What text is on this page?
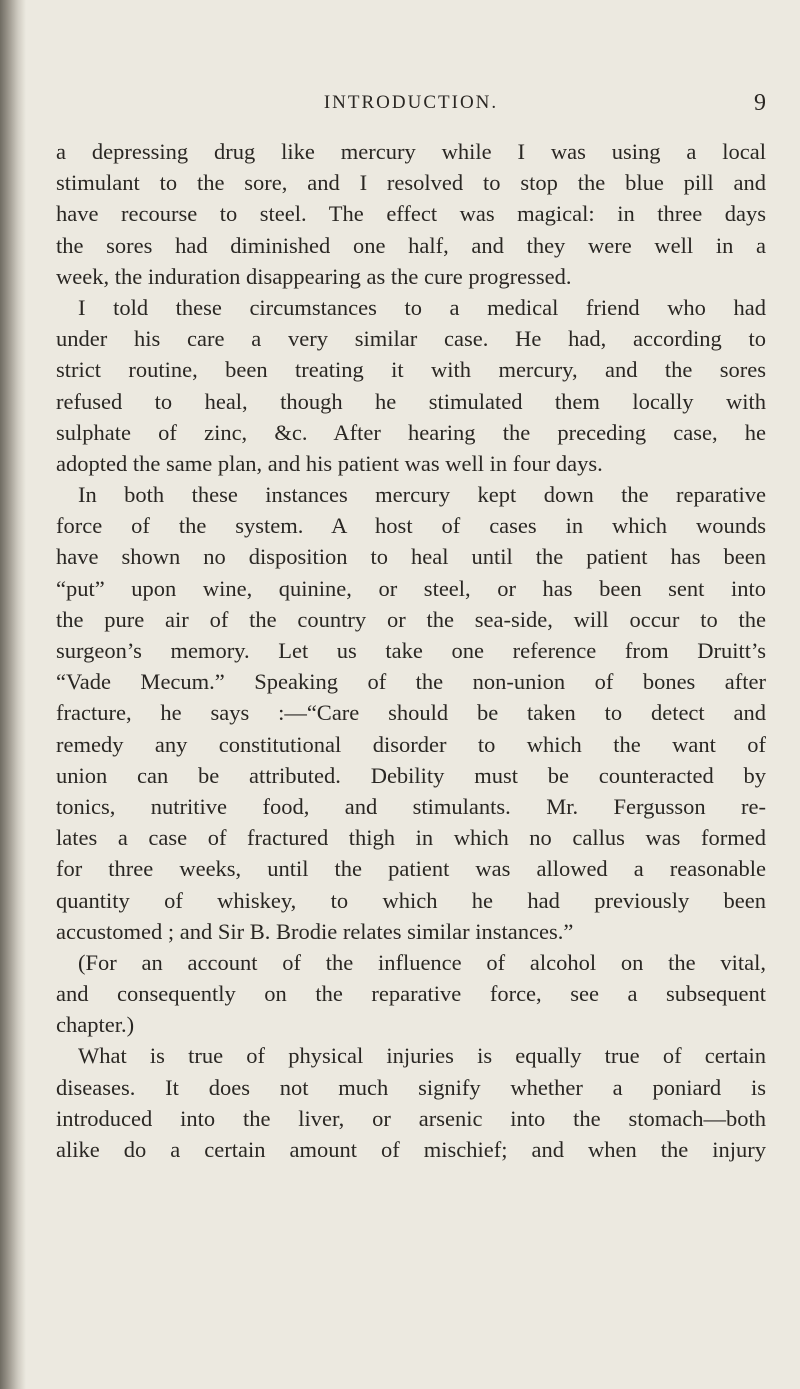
INTRODUCTION.	9
a depressing drug like mercury while I was using a local
stimulant to the sore, and I resolved to stop the blue pill and
have recourse to steel. The effect was magical: in three days
the sores had diminished one half, and they were well in a
week, the induration disappearing as the cure progressed.
I told these circumstances to a medical friend who had
under his care a very similar case. He had, according to
strict routine, been treating it with mercury, and the sores
refused to heal, though he stimulated them locally with
sulphate of zinc, &c. After hearing the preceding case, he
adopted the same plan, and his patient was well in four days.
In both these instances mercury kept down the reparative
force of the system. A host of cases in which wounds
have shown no disposition to heal until the patient has been
“put” upon wine, quinine, or steel, or has been sent into
the pure air of the country or the sea-side, will occur to the
surgeon’s memory. Let us take one reference from Druitt’s
“Vade Mecum.” Speaking of the non-union of bones after
fracture, he says :—“Care should be taken to detect and
remedy any constitutional disorder to which the want of
union can be attributed. Debility must be counteracted by
tonics, nutritive food, and stimulants. Mr. Fergusson re-
lates a case of fractured thigh in which no callus was formed
for three weeks, until the patient was allowed a reasonable
quantity of whiskey, to which he had previously been
accustomed ; and Sir B. Brodie relates similar instances.”
(For an account of the influence of alcohol on the vital,
and consequently on the reparative force, see a subsequent
chapter.)
What is true of physical injuries is equally true of certain
diseases. It does not much signify whether a poniard is
introduced into the liver, or arsenic into the stomach—both
alike do a certain amount of mischief; and when the injury
